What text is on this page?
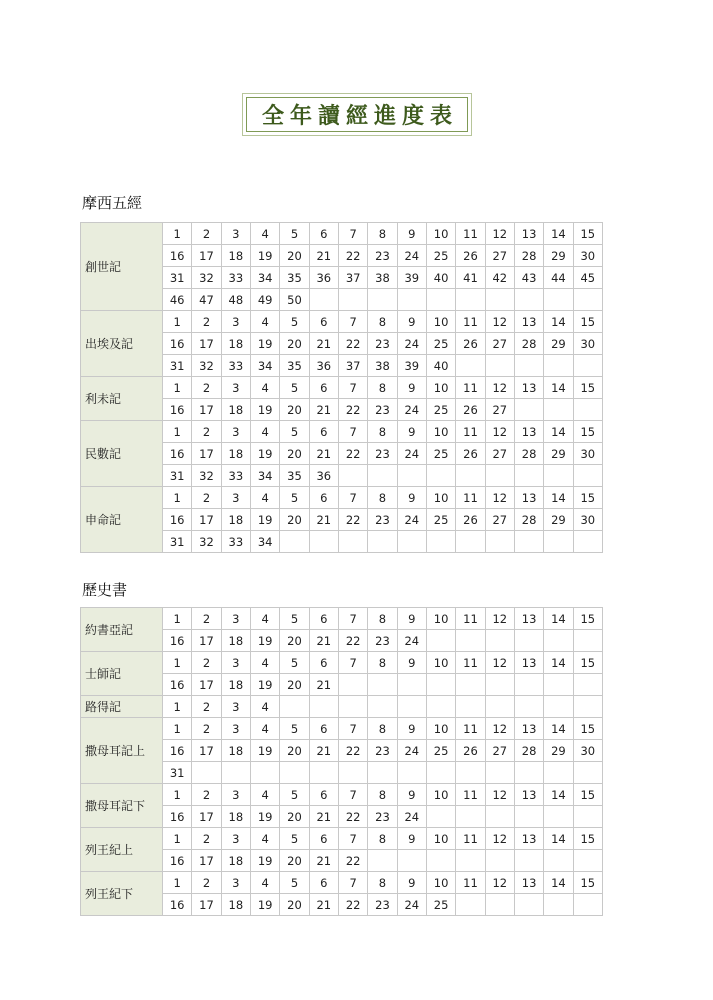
全年讀經進度表
摩西五經
創世記	1	2	3	4	5	6	7	8	9	10	11	12	13	14	15
	16	17	18	19	20	21	22	23	24	25	26	27	28	29	30
	31	32	33	34	35	36	37	38	39	40	41	42	43	44	45
	46	47	48	49	50										
出埃及記	1	2	3	4	5	6	7	8	9	10	11	12	13	14	15
	16	17	18	19	20	21	22	23	24	25	26	27	28	29	30
	31	32	33	34	35	36	37	38	39	40					
利未記	1	2	3	4	5	6	7	8	9	10	11	12	13	14	15
	16	17	18	19	20	21	22	23	24	25	26	27			
民數記	1	2	3	4	5	6	7	8	9	10	11	12	13	14	15
	16	17	18	19	20	21	22	23	24	25	26	27	28	29	30
	31	32	33	34	35	36									
申命記	1	2	3	4	5	6	7	8	9	10	11	12	13	14	15
	16	17	18	19	20	21	22	23	24	25	26	27	28	29	30
	31	32	33	34											
歷史書
約書亞記	1	2	3	4	5	6	7	8	9	10	11	12	13	14	15
	16	17	18	19	20	21	22	23	24						
士師記	1	2	3	4	5	6	7	8	9	10	11	12	13	14	15
	16	17	18	19	20	21									
路得記	1	2	3	4											
撒母耳記上	1	2	3	4	5	6	7	8	9	10	11	12	13	14	15
	16	17	18	19	20	21	22	23	24	25	26	27	28	29	30
	31														
撒母耳記下	1	2	3	4	5	6	7	8	9	10	11	12	13	14	15
	16	17	18	19	20	21	22	23	24						
列王紀上	1	2	3	4	5	6	7	8	9	10	11	12	13	14	15
	16	17	18	19	20	21	22								
列王紀下	1	2	3	4	5	6	7	8	9	10	11	12	13	14	15
	16	17	18	19	20	21	22	23	24	25					
